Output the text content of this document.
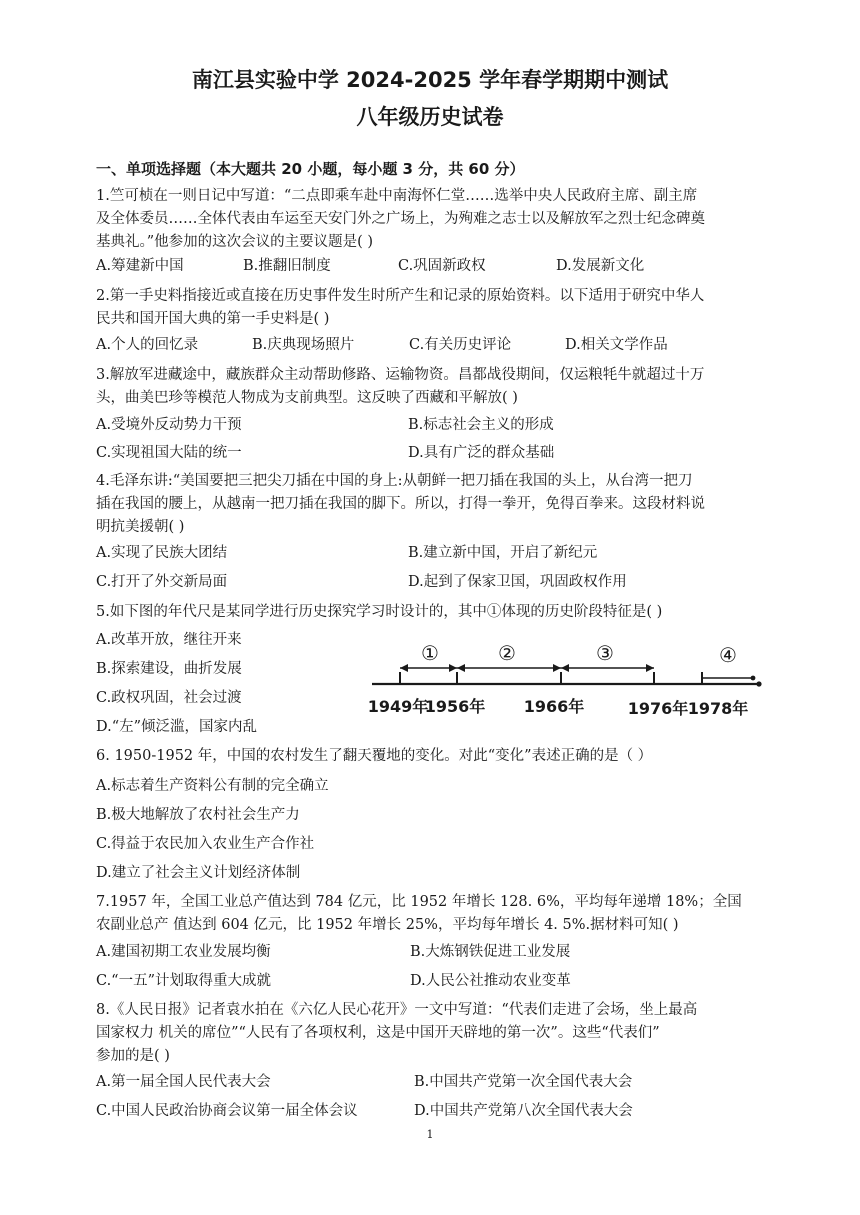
南江县实验中学 2024-2025 学年春学期期中测试
八年级历史试卷
一、单项选择题（本大题共 20 小题，每小题 3 分，共 60 分）
1.竺可桢在一则日记中写道：“二点即乘车赴中南海怀仁堂……选举中央人民政府主席、副主席
及全体委员……全体代表由车运至天安门外之广场上，为殉难之志士以及解放军之烈士纪念碑奠
基典礼。”他参加的这次会议的主要议题是( )
A.筹建新中国	B.推翻旧制度	C.巩固新政权	D.发展新文化
2.第一手史料指接近或直接在历史事件发生时所产生和记录的原始资料。以下适用于研究中华人
民共和国开国大典的第一手史料是( )
A.个人的回忆录	B.庆典现场照片	C.有关历史评论	D.相关文学作品
3.解放军进藏途中，藏族群众主动帮助修路、运输物资。昌都战役期间，仅运粮牦牛就超过十万
头，曲美巴珍等模范人物成为支前典型。这反映了西藏和平解放( )
A.受境外反动势力干预	B.标志社会主义的形成
C.实现祖国大陆的统一	D.具有广泛的群众基础
4.毛泽东讲:“美国要把三把尖刀插在中国的身上:从朝鲜一把刀插在我国的头上，从台湾一把刀
插在我国的腰上，从越南一把刀插在我国的脚下。所以，打得一拳开，免得百拳来。这段材料说
明抗美援朝( )
A.实现了民族大团结	B.建立新中国，开启了新纪元
C.打开了外交新局面	D.起到了保家卫国，巩固政权作用
5.如下图的年代尺是某同学进行历史探究学习时设计的，其中①体现的历史阶段特征是( )
A.改革开放，继往开来
B.探索建设，曲折发展
C.政权巩固，社会过渡
D.“左”倾泛滥，国家内乱
①	②	③	④
1949年
1956年 1966年	1976年 1978年
6. 1950-1952 年，中国的农村发生了翻天覆地的变化。对此“变化”表述正确的是（ ）
A.标志着生产资料公有制的完全确立
B.极大地解放了农村社会生产力
C.得益于农民加入农业生产合作社
D.建立了社会主义计划经济体制
7.1957 年，全国工业总产值达到 784 亿元，比 1952 年增长 128. 6%，平均每年递增 18%；全国
农副业总产 值达到 604 亿元，比 1952 年增长 25%，平均每年增长 4. 5%.据材料可知( )
A.建国初期工农业发展均衡	B.大炼钢铁促进工业发展
C.“一五”计划取得重大成就	D.人民公社推动农业变革
8.《人民日报》记者袁水拍在《六亿人民心花开》一文中写道：“代表们走进了会场，坐上最高
国家权力 机关的席位”“人民有了各项权利，这是中国开天辟地的第一次”。这些“代表们”
参加的是( )
A.第一届全国人民代表大会	B.中国共产党第一次全国代表大会
C.中国人民政治协商会议第一届全体会议	D.中国共产党第八次全国代表大会
1
